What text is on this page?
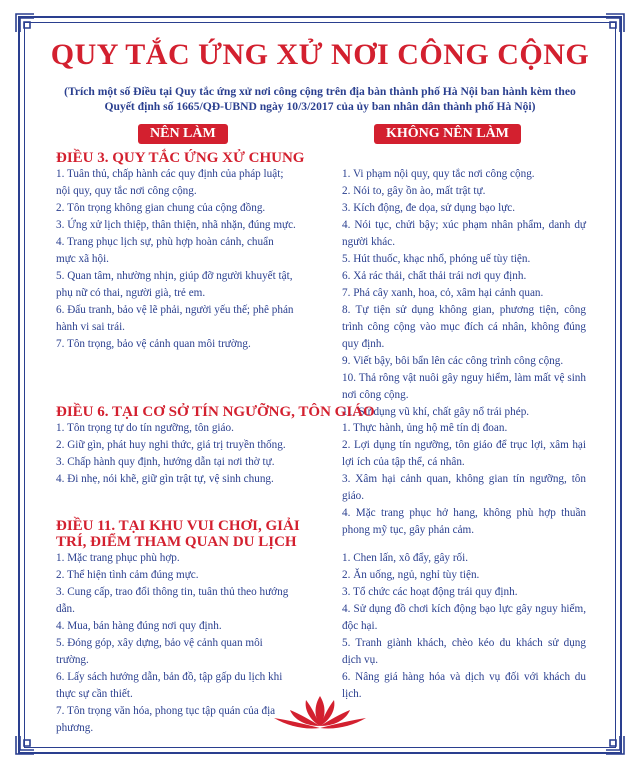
QUY TẮC ỨNG XỬ NƠI CÔNG CỘNG
(Trích một số Điều tại Quy tắc ứng xử nơi công cộng trên địa bàn thành phố Hà Nội ban hành kèm theo Quyết định số 1665/QĐ-UBND ngày 10/3/2017 của ủy ban nhân dân thành phố Hà Nội)
NÊN LÀM	KHÔNG NÊN LÀM
ĐIỀU 3. QUY TẮC ỨNG XỬ CHUNG

1. Tuân thủ, chấp hành các quy định của pháp luật; nội quy, quy tắc nơi công cộng.

2. Tôn trọng không gian chung của cộng đồng.

3. Ứng xử lịch thiệp, thân thiện, nhã nhặn, đúng mực.

4. Trang phục lịch sự, phù hợp hoàn cảnh, chuẩn mực xã hội.

5. Quan tâm, nhường nhịn, giúp đỡ người khuyết tật, phụ nữ có thai, người già, trẻ em.

6. Đấu tranh, bảo vệ lẽ phải, người yếu thế; phê phán hành vi sai trái.

7. Tôn trọng, bảo vệ cảnh quan môi trường.

1. Vi phạm nội quy, quy tắc nơi công cộng.

2. Nói to, gây ồn ào, mất trật tự.

3. Kích động, đe dọa, sử dụng bạo lực.

4. Nói tục, chửi bậy; xúc phạm nhân phẩm, danh dự người khác.

5. Hút thuốc, khạc nhổ, phóng uế tùy tiện.

6. Xả rác thải, chất thải trái nơi quy định.

7. Phá cây xanh, hoa, cỏ, xâm hại cảnh quan.

8. Tự tiện sử dụng không gian, phương tiện, công trình công cộng vào mục đích cá nhân, không đúng quy định.

9. Viết bậy, bôi bẩn lên các công trình công cộng.

10. Thả rông vật nuôi gây nguy hiểm, làm mất vệ sinh nơi công cộng.

11. Sử dụng vũ khí, chất gây nổ trái phép.

ĐIỀU 6. TẠI CƠ SỞ TÍN NGƯỠNG, TÔN GIÁO

1. Tôn trọng tự do tín ngưỡng, tôn giáo.

2. Giữ gìn, phát huy nghi thức, giá trị truyền thống.

3. Chấp hành quy định, hướng dẫn tại nơi thờ tự.

4. Đi nhẹ, nói khẽ, giữ gìn trật tự, vệ sinh chung.

1. Thực hành, ủng hộ mê tín dị đoan.

2. Lợi dụng tín ngưỡng, tôn giáo để trục lợi, xâm hại lợi ích của tập thể, cá nhân.

3. Xâm hại cảnh quan, không gian tín ngưỡng, tôn giáo.

4. Mặc trang phục hở hang, không phù hợp thuần phong mỹ tục, gây phản cảm.

ĐIỀU 11. TẠI KHU VUI CHƠI, GIẢI TRÍ, ĐIỂM THAM QUAN DU LỊCH

1. Mặc trang phục phù hợp.

2. Thể hiện tình cảm đúng mực.

3. Cung cấp, trao đổi thông tin, tuân thủ theo hướng dẫn.

4. Mua, bán hàng đúng nơi quy định.

5. Đóng góp, xây dựng, bảo vệ cảnh quan môi trường.

6. Lấy sách hướng dẫn, bản đồ, tập gấp du lịch khi thực sự cần thiết.

7. Tôn trọng văn hóa, phong tục tập quán của địa phương.

1. Chen lấn, xô đẩy, gây rối.

2. Ăn uống, ngủ, nghỉ tùy tiện.

3. Tổ chức các hoạt động trái quy định.

4. Sử dụng đồ chơi kích động bạo lực gây nguy hiểm, độc hại.

5. Tranh giành khách, chèo kéo du khách sử dụng dịch vụ.

6. Nâng giá hàng hóa và dịch vụ đối với khách du lịch.
